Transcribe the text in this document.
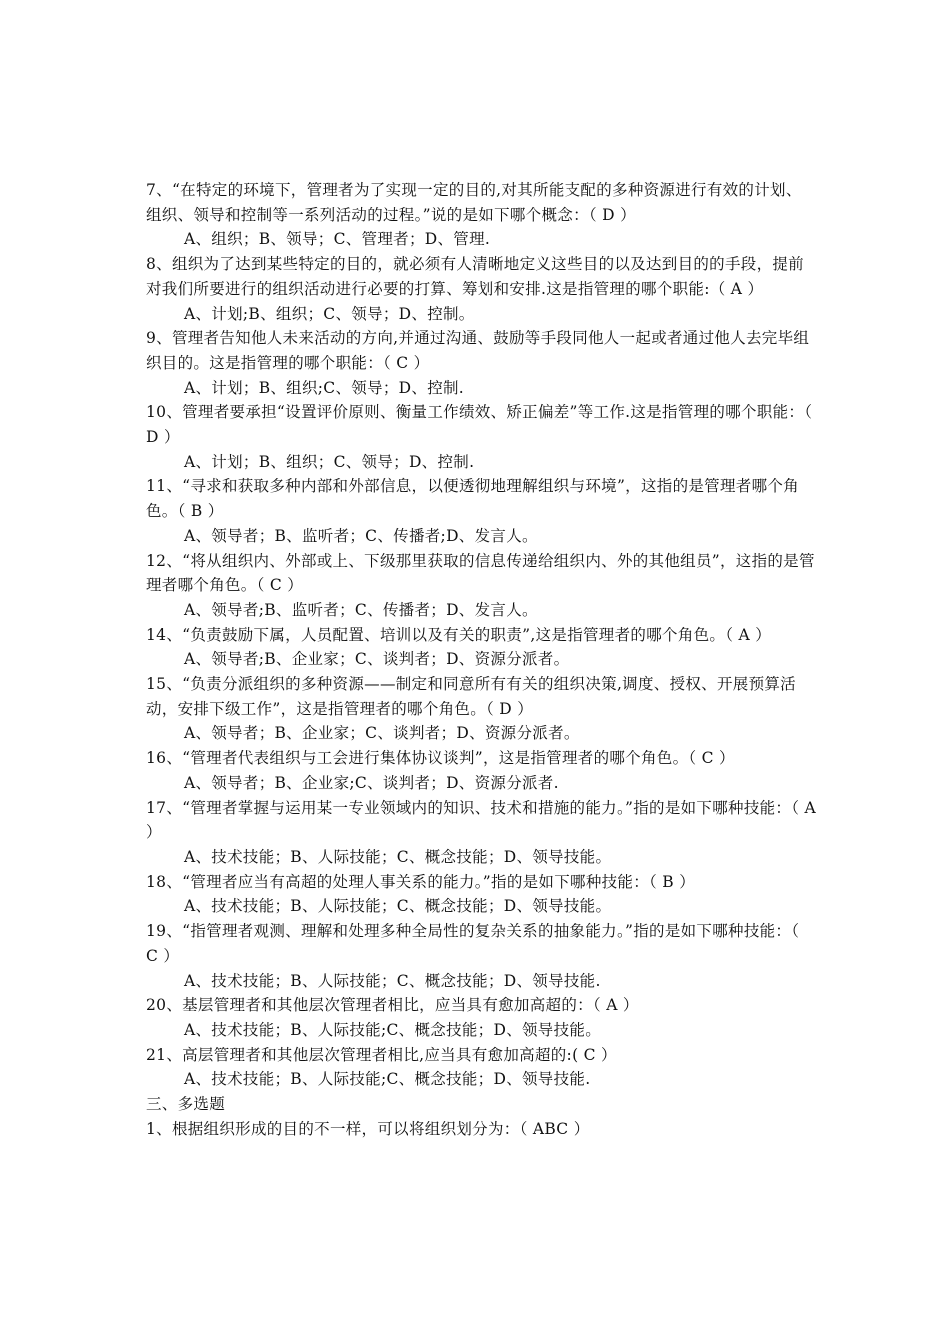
7、“在特定的环境下，管理者为了实现一定的目的,对其所能支配的多种资源进行有效的计划、组织、领导和控制等一系列活动的过程。”说的是如下哪个概念：（ D ）

A、组织；B、领导；C、管理者；D、管理.

8、组织为了达到某些特定的目的，就必须有人清晰地定义这些目的以及达到目的的手段，提前对我们所要进行的组织活动进行必要的打算、筹划和安排.这是指管理的哪个职能:（ A ）

A、计划;B、组织；C、领导；D、控制。

9、管理者告知他人未来活动的方向,并通过沟通、鼓励等手段同他人一起或者通过他人去完毕组织目的。这是指管理的哪个职能：（ C ）

A、计划；B、组织;C、领导；D、控制.

10、管理者要承担“设置评价原则、衡量工作绩效、矫正偏差”等工作.这是指管理的哪个职能：（ D ）

A、计划；B、组织；C、领导；D、控制.

11、“寻求和获取多种内部和外部信息，以便透彻地理解组织与环境”，这指的是管理者哪个角色。（ B ）

A、领导者；B、监听者；C、传播者;D、发言人。

12、“将从组织内、外部或上、下级那里获取的信息传递给组织内、外的其他组员”，这指的是管理者哪个角色。（ C ）

A、领导者;B、监听者；C、传播者；D、发言人。

14、“负责鼓励下属，人员配置、培训以及有关的职责”,这是指管理者的哪个角色。（ A ）

A、领导者;B、企业家；C、谈判者；D、资源分派者。

15、“负责分派组织的多种资源——制定和同意所有有关的组织决策,调度、授权、开展预算活动，安排下级工作”，这是指管理者的哪个角色。（ D ）

A、领导者；B、企业家；C、谈判者；D、资源分派者。

16、“管理者代表组织与工会进行集体协议谈判”，这是指管理者的哪个角色。（ C ）

A、领导者；B、企业家;C、谈判者；D、资源分派者.

17、“管理者掌握与运用某一专业领域内的知识、技术和措施的能力。”指的是如下哪种技能：（ A ）

A、技术技能；B、人际技能；C、概念技能；D、领导技能。

18、“管理者应当有高超的处理人事关系的能力。”指的是如下哪种技能：（ B ）

A、技术技能；B、人际技能；C、概念技能；D、领导技能。

19、“指管理者观测、理解和处理多种全局性的复杂关系的抽象能力。”指的是如下哪种技能：（ C ）

A、技术技能；B、人际技能；C、概念技能；D、领导技能.

20、基层管理者和其他层次管理者相比，应当具有愈加高超的：（ A ）

A、技术技能；B、人际技能;C、概念技能；D、领导技能。

21、高层管理者和其他层次管理者相比,应当具有愈加高超的:( C ）

A、技术技能；B、人际技能;C、概念技能；D、领导技能.

三、多选题

1、根据组织形成的目的不一样，可以将组织划分为：（ ABC ）
